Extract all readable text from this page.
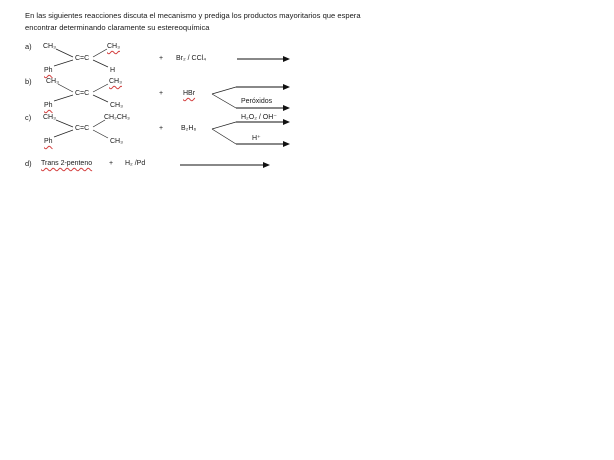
En las siguientes reacciones discuta el mecanismo y prediga los productos mayoritarios que espera
encontrar determinando claramente su estereoquímica
a) CH₃	CH₃
C=C
Ph	H
+ Br₂ / CCl₄
b) CH₃	CH₃
C=C
Ph	CH₃
+	HBr
Peróxidos
c) CH₃	CH₂CH₃
C=C
Ph	CH₃
+	B₂H₆
H₂O₂ / OH⁻
H⁺
d) Trans 2-penteno + H₂ /Pd
